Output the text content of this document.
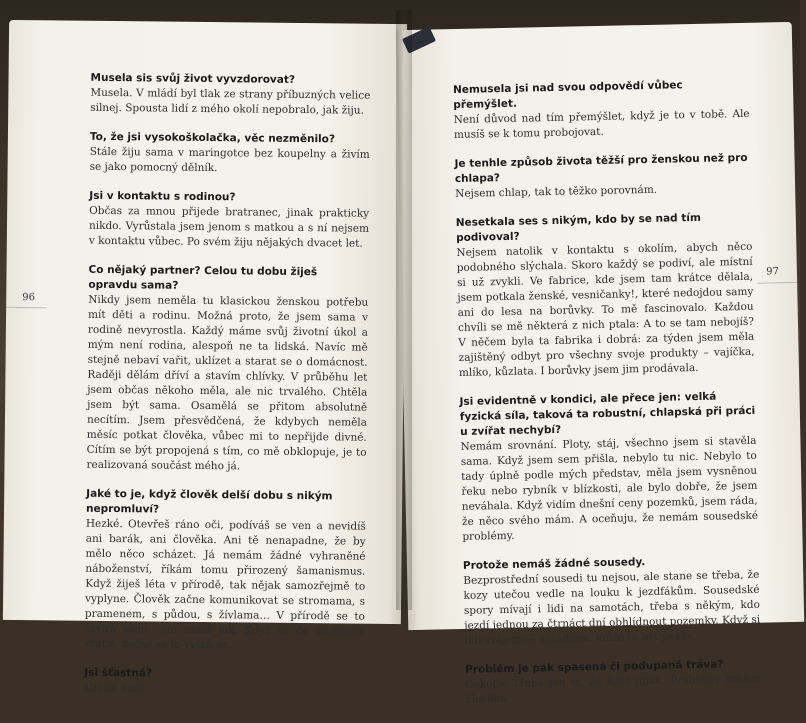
96

Musela sis svůj život vyvzdorovat?

Musela. V mládí byl tlak ze strany příbuzných velice silnej. Spousta lidí z mého okolí nepobralo, jak žiju.

To, že jsi vysokoškolačka, věc nezměnilo?

Stále žiju sama v maringotce bez koupelny a živím se jako pomocný dělník.

Jsi v kontaktu s rodinou?

Občas za mnou přijede bratranec, jinak prakticky nikdo. Vyrůstala jsem jenom s matkou a s ní nejsem v kontaktu vůbec. Po svém žiju nějakých dvacet let.

Co nějaký partner? Celou tu dobu žiješ opravdu sama?

Nikdy jsem neměla tu klasickou ženskou potřebu mít děti a rodinu. Možná proto, že jsem sama v rodině nevyrostla. Každý máme svůj životní úkol a mým není rodina, alespoň ne ta lidská. Navíc mě stejně nebaví vařit, uklízet a starat se o domácnost. Raději dělám dříví a stavím chlívky. V průběhu let jsem občas někoho měla, ale nic trvalého. Chtěla jsem být sama. Osamělá se přitom absolutně necítím. Jsem přesvědčená, že kdybych neměla měsíc potkat člověka, vůbec mi to nepřijde divné. Cítím se být propojená s tím, co mě obklopuje, je to realizovaná součást mého já.

Jaké to je, když člověk delší dobu s nikým nepromluví?

Hezké. Otevřeš ráno oči, podíváš se ven a nevidíš ani barák, ani člověka. Ani tě nenapadne, že by mělo něco scházet. Já nemám žádné vyhraněné náboženství, říkám tomu přirozený šamanismus. Když žiješ léta v přírodě, tak nějak samozřejmě to vyplyne. Člověk začne komunikovat se stromama, s pramenem, s půdou, s žívlama… V přírodě se to otvírá samo, ani nevíš jak. Když se do civilizace vrátíš, začne se to vytrácet.

Jsi šťastná?

Určitě ano!

97

Nemusela jsi nad svou odpovědí vůbec přemýšlet.

Není důvod nad tím přemýšlet, když je to v tobě. Ale musíš se k tomu probojovat.

Je tenhle způsob života těžší pro ženskou než pro chlapa?

Nejsem chlap, tak to těžko porovnám.

Nesetkala ses s nikým, kdo by se nad tím podivoval?

Nejsem natolik v kontaktu s okolím, abych něco podobného slýchala. Skoro každý se podiví, ale místní si už zvykli. Ve fabrice, kde jsem tam krátce dělala, jsem potkala ženské, vesničanky!, které nedojdou samy ani do lesa na borůvky. To mě fascinovalo. Každou chvíli se mě některá z nich ptala: A to se tam nebojíš? V něčem byla ta fabrika i dobrá: za týden jsem měla zajištěný odbyt pro všechny svoje produkty – vajíčka, mlíko, kůzlata. I borůvky jsem jim prodávala.

Jsi evidentně v kondici, ale přece jen: velká fyzická síla, taková ta robustní, chlapská při práci u zvířat nechybí?

Nemám srovnání. Ploty, stáj, všechno jsem si stavěla sama. Když jsem sem přišla, nebylo tu nic. Nebylo to tady úplně podle mých představ, měla jsem vysněnou řeku nebo rybník v blízkosti, ale bylo dobře, že jsem neváhala. Když vidím dnešní ceny pozemků, jsem ráda, že něco svého mám. A oceňuju, že nemám sousedské problémy.

Protože nemáš žádné sousedy.

Bezprostřední sousedi tu nejsou, ale stane se třeba, že kozy utečou vedle na louku k jezdfákům. Sousedské spory mívají i lidi na samotách, třeba s někým, kdo jezdí jednou za čtrnáct dní obhlídnout pozemky. Když si lidi vzájemně nesednou, může to být peklo.

Problém je pak spasená či podupaná tráva?

Cokoliv. Třeba jen to, že žiješ jinak. Problémy můžou člověku
